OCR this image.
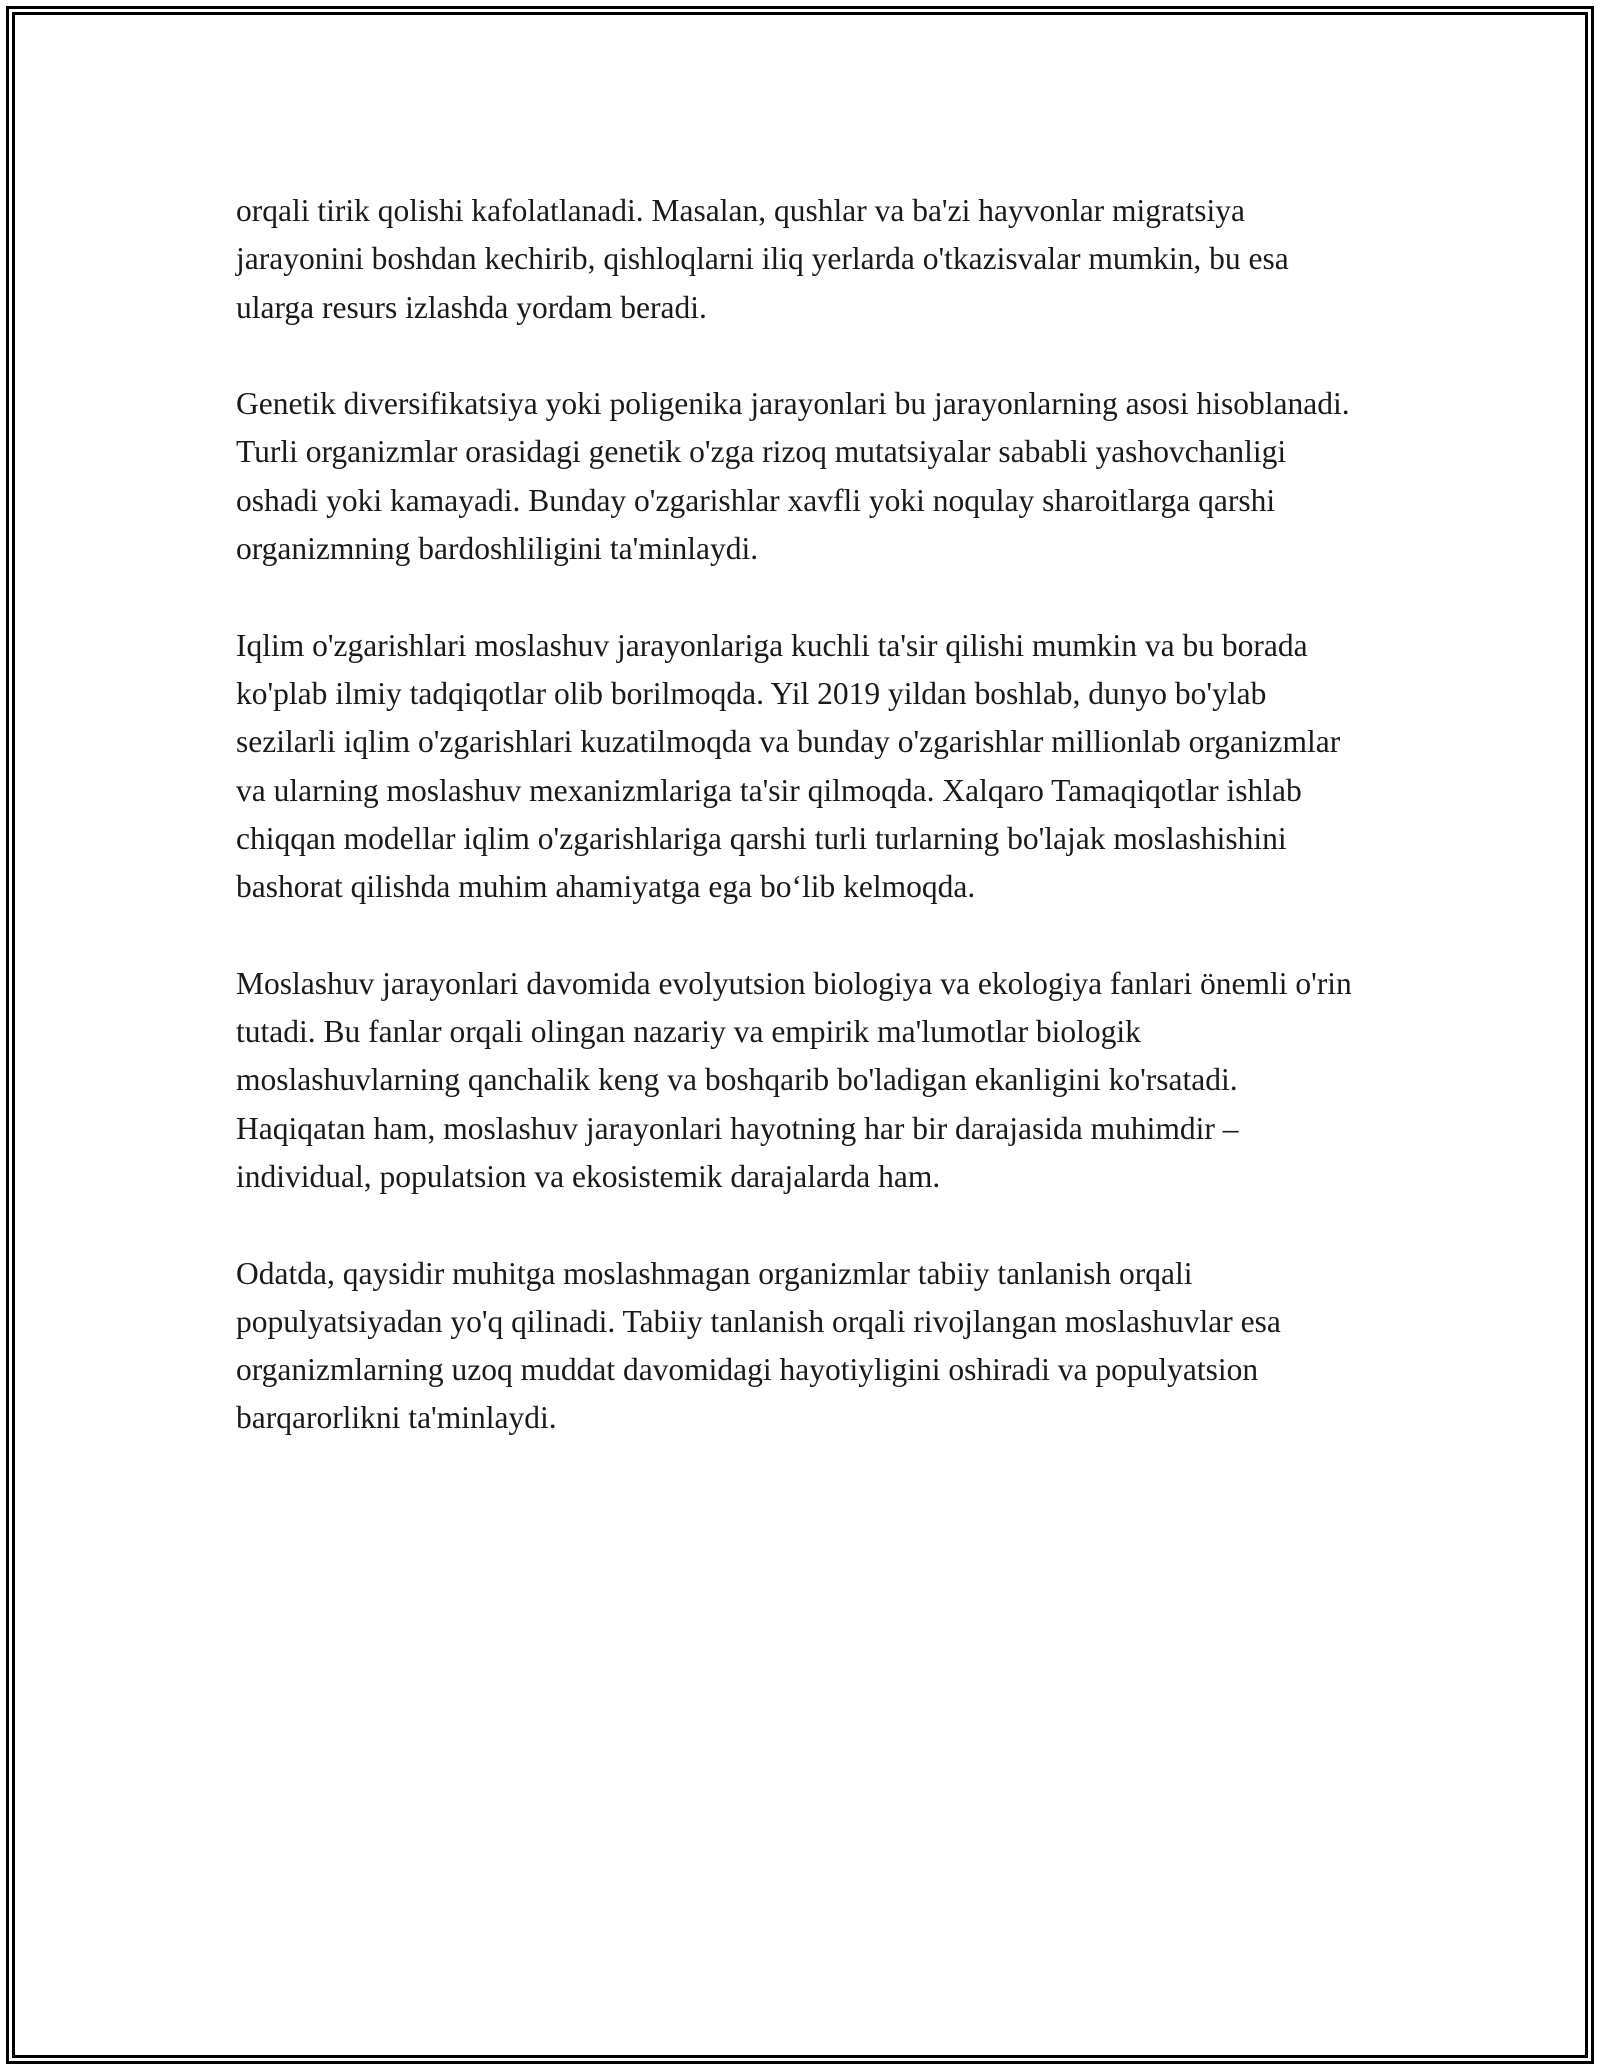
orqali tirik qolishi kafolatlanadi. Masalan, qushlar va ba'zi hayvonlar migratsiya jarayonini boshdan kechirib, qishloqlarni iliq yerlarda o'tkazisvalar mumkin, bu esa ularga resurs izlashda yordam beradi.

Genetik diversifikatsiya yoki poligenika jarayonlari bu jarayonlarning asosi hisoblanadi. Turli organizmlar orasidagi genetik o'zga rizoq mutatsiyalar sababli yashovchanligi oshadi yoki kamayadi. Bunday o'zgarishlar xavfli yoki noqulay sharoitlarga qarshi organizmning bardoshliligini ta'minlaydi.

Iqlim o'zgarishlari moslashuv jarayonlariga kuchli ta'sir qilishi mumkin va bu borada ko'plab ilmiy tadqiqotlar olib borilmoqda. Yil 2019 yildan boshlab, dunyo bo'ylab sezilarli iqlim o'zgarishlari kuzatilmoqda va bunday o'zgarishlar millionlab organizmlar va ularning moslashuv mexanizmlariga ta'sir qilmoqda. Xalqaro Tamaqiqotlar ishlab chiqqan modellar iqlim o'zgarishlariga qarshi turli turlarning bo'lajak moslashishini bashorat qilishda muhim ahamiyatga ega bo‘lib kelmoqda.

Moslashuv jarayonlari davomida evolyutsion biologiya va ekologiya fanlari önemli o'rin tutadi. Bu fanlar orqali olingan nazariy va empirik ma'lumotlar biologik moslashuvlarning qanchalik keng va boshqarib bo'ladigan ekanligini ko'rsatadi. Haqiqatan ham, moslashuv jarayonlari hayotning har bir darajasida muhimdir – individual, populatsion va ekosistemik darajalarda ham.

Odatda, qaysidir muhitga moslashmagan organizmlar tabiiy tanlanish orqali populyatsiyadan yo'q qilinadi. Tabiiy tanlanish orqali rivojlangan moslashuvlar esa organizmlarning uzoq muddat davomidagi hayotiyligini oshiradi va populyatsion barqarorlikni ta'minlaydi.
